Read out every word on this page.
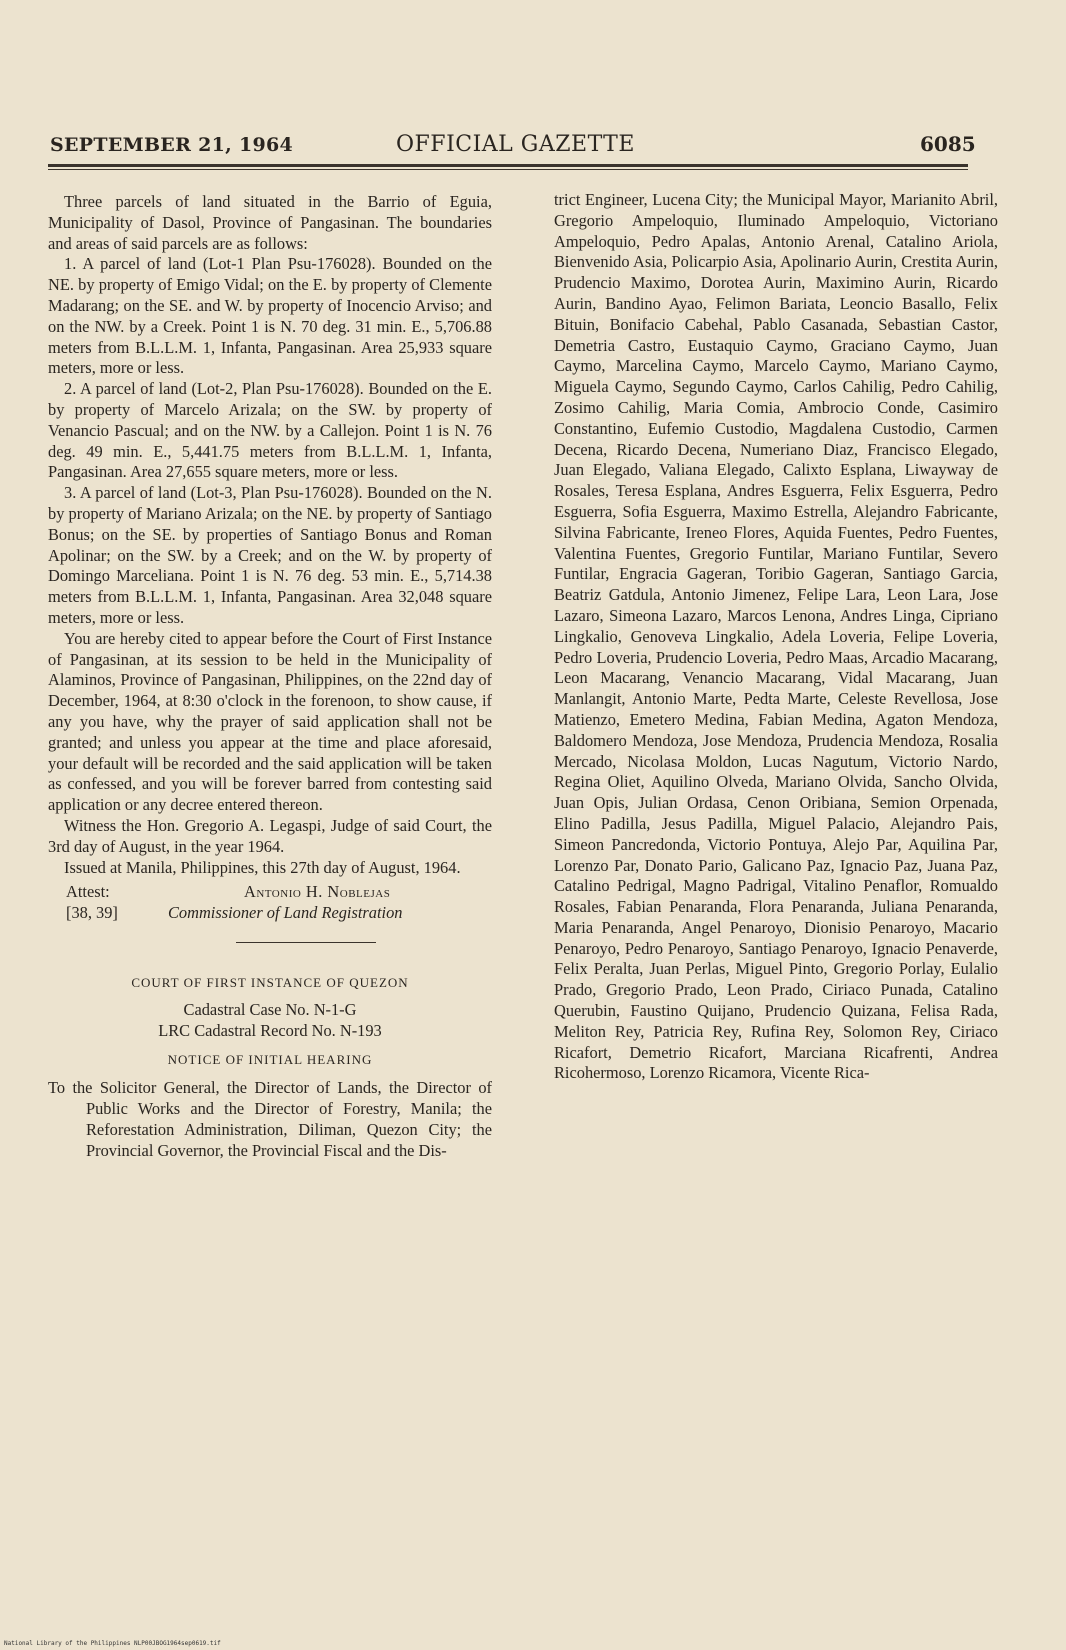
SEPTEMBER 21, 1964	OFFICIAL GAZETTE	6085

Three parcels of land situated in the Barrio of Eguia, Municipality of Dasol, Province of Pangasinan. The boundaries and areas of said parcels are as follows:

1. A parcel of land (Lot-1 Plan Psu-176028). Bounded on the NE. by property of Emigo Vidal; on the E. by property of Clemente Madarang; on the SE. and W. by property of Inocencio Arviso; and on the NW. by a Creek. Point 1 is N. 70 deg. 31 min. E., 5,706.88 meters from B.L.L.M. 1, Infanta, Pangasinan. Area 25,933 square meters, more or less.

2. A parcel of land (Lot-2, Plan Psu-176028). Bounded on the E. by property of Marcelo Arizala; on the SW. by property of Venancio Pascual; and on the NW. by a Callejon. Point 1 is N. 76 deg. 49 min. E., 5,441.75 meters from B.L.L.M. 1, Infanta, Pangasinan. Area 27,655 square meters, more or less.

3. A parcel of land (Lot-3, Plan Psu-176028). Bounded on the N. by property of Mariano Arizala; on the NE. by property of Santiago Bonus; on the SE. by properties of Santiago Bonus and Roman Apolinar; on the SW. by a Creek; and on the W. by property of Domingo Marceliana. Point 1 is N. 76 deg. 53 min. E., 5,714.38 meters from B.L.L.M. 1, Infanta, Pangasinan. Area 32,048 square meters, more or less.

You are hereby cited to appear before the Court of First Instance of Pangasinan, at its session to be held in the Municipality of Alaminos, Province of Pangasinan, Philippines, on the 22nd day of December, 1964, at 8:30 o'clock in the forenoon, to show cause, if any you have, why the prayer of said application shall not be granted; and unless you appear at the time and place aforesaid, your default will be recorded and the said application will be taken as confessed, and you will be forever barred from contesting said application or any decree entered thereon.

Witness the Hon. Gregorio A. Legaspi, Judge of said Court, the 3rd day of August, in the year 1964.

Issued at Manila, Philippines, this 27th day of August, 1964.

Attest:	Antonio H. Noblejas
[38, 39]	Commissioner of Land Registration
COURT OF FIRST INSTANCE OF QUEZON
Cadastral Case No. N-1-G
LRC Cadastral Record No. N-193
NOTICE OF INITIAL HEARING

To the Solicitor General, the Director of Lands, the Director of Public Works and the Director of Forestry, Manila; the Reforestation Administration, Diliman, Quezon City; the Provincial Governor, the Provincial Fiscal and the Dis-

trict Engineer, Lucena City; the Municipal Mayor, Marianito Abril, Gregorio Ampeloquio, Iluminado Ampeloquio, Victoriano Ampeloquio, Pedro Apalas, Antonio Arenal, Catalino Ariola, Bienvenido Asia, Policarpio Asia, Apolinario Aurin, Crestita Aurin, Prudencio Maximo, Dorotea Aurin, Maximino Aurin, Ricardo Aurin, Bandino Ayao, Felimon Bariata, Leoncio Basallo, Felix Bituin, Bonifacio Cabehal, Pablo Casanada, Sebastian Castor, Demetria Castro, Eustaquio Caymo, Graciano Caymo, Juan Caymo, Marcelina Caymo, Marcelo Caymo, Mariano Caymo, Miguela Caymo, Segundo Caymo, Carlos Cahilig, Pedro Cahilig, Zosimo Cahilig, Maria Comia, Ambrocio Conde, Casimiro Constantino, Eufemio Custodio, Magdalena Custodio, Carmen Decena, Ricardo Decena, Numeriano Diaz, Francisco Elegado, Juan Elegado, Valiana Elegado, Calixto Esplana, Liwayway de Rosales, Teresa Esplana, Andres Esguerra, Felix Esguerra, Pedro Esguerra, Sofia Esguerra, Maximo Estrella, Alejandro Fabricante, Silvina Fabricante, Ireneo Flores, Aquida Fuentes, Pedro Fuentes, Valentina Fuentes, Gregorio Funtilar, Mariano Funtilar, Severo Funtilar, Engracia Gageran, Toribio Gageran, Santiago Garcia, Beatriz Gatdula, Antonio Jimenez, Felipe Lara, Leon Lara, Jose Lazaro, Simeona Lazaro, Marcos Lenona, Andres Linga, Cipriano Lingkalio, Genoveva Lingkalio, Adela Loveria, Felipe Loveria, Pedro Loveria, Prudencio Loveria, Pedro Maas, Arcadio Macarang, Leon Macarang, Venancio Macarang, Vidal Macarang, Juan Manlangit, Antonio Marte, Pedta Marte, Celeste Revellosa, Jose Matienzo, Emetero Medina, Fabian Medina, Agaton Mendoza, Baldomero Mendoza, Jose Mendoza, Prudencia Mendoza, Rosalia Mercado, Nicolasa Moldon, Lucas Nagutum, Victorio Nardo, Regina Oliet, Aquilino Olveda, Mariano Olvida, Sancho Olvida, Juan Opis, Julian Ordasa, Cenon Oribiana, Semion Orpenada, Elino Padilla, Jesus Padilla, Miguel Palacio, Alejandro Pais, Simeon Pancredonda, Victorio Pontuya, Alejo Par, Aquilina Par, Lorenzo Par, Donato Pario, Galicano Paz, Ignacio Paz, Juana Paz, Catalino Pedrigal, Magno Padrigal, Vitalino Penaflor, Romualdo Rosales, Fabian Penaranda, Flora Penaranda, Juliana Penaranda, Maria Penaranda, Angel Penaroyo, Dionisio Penaroyo, Macario Penaroyo, Pedro Penaroyo, Santiago Penaroyo, Ignacio Penaverde, Felix Peralta, Juan Perlas, Miguel Pinto, Gregorio Porlay, Eulalio Prado, Gregorio Prado, Leon Prado, Ciriaco Punada, Catalino Querubin, Faustino Quijano, Prudencio Quizana, Felisa Rada, Meliton Rey, Patricia Rey, Rufina Rey, Solomon Rey, Ciriaco Ricafort, Demetrio Ricafort, Marciana Ricafrenti, Andrea Ricohermoso, Lorenzo Ricamora, Vicente Rica-

National Library of the Philippines NLP00JBOG1964sep0619.tif
